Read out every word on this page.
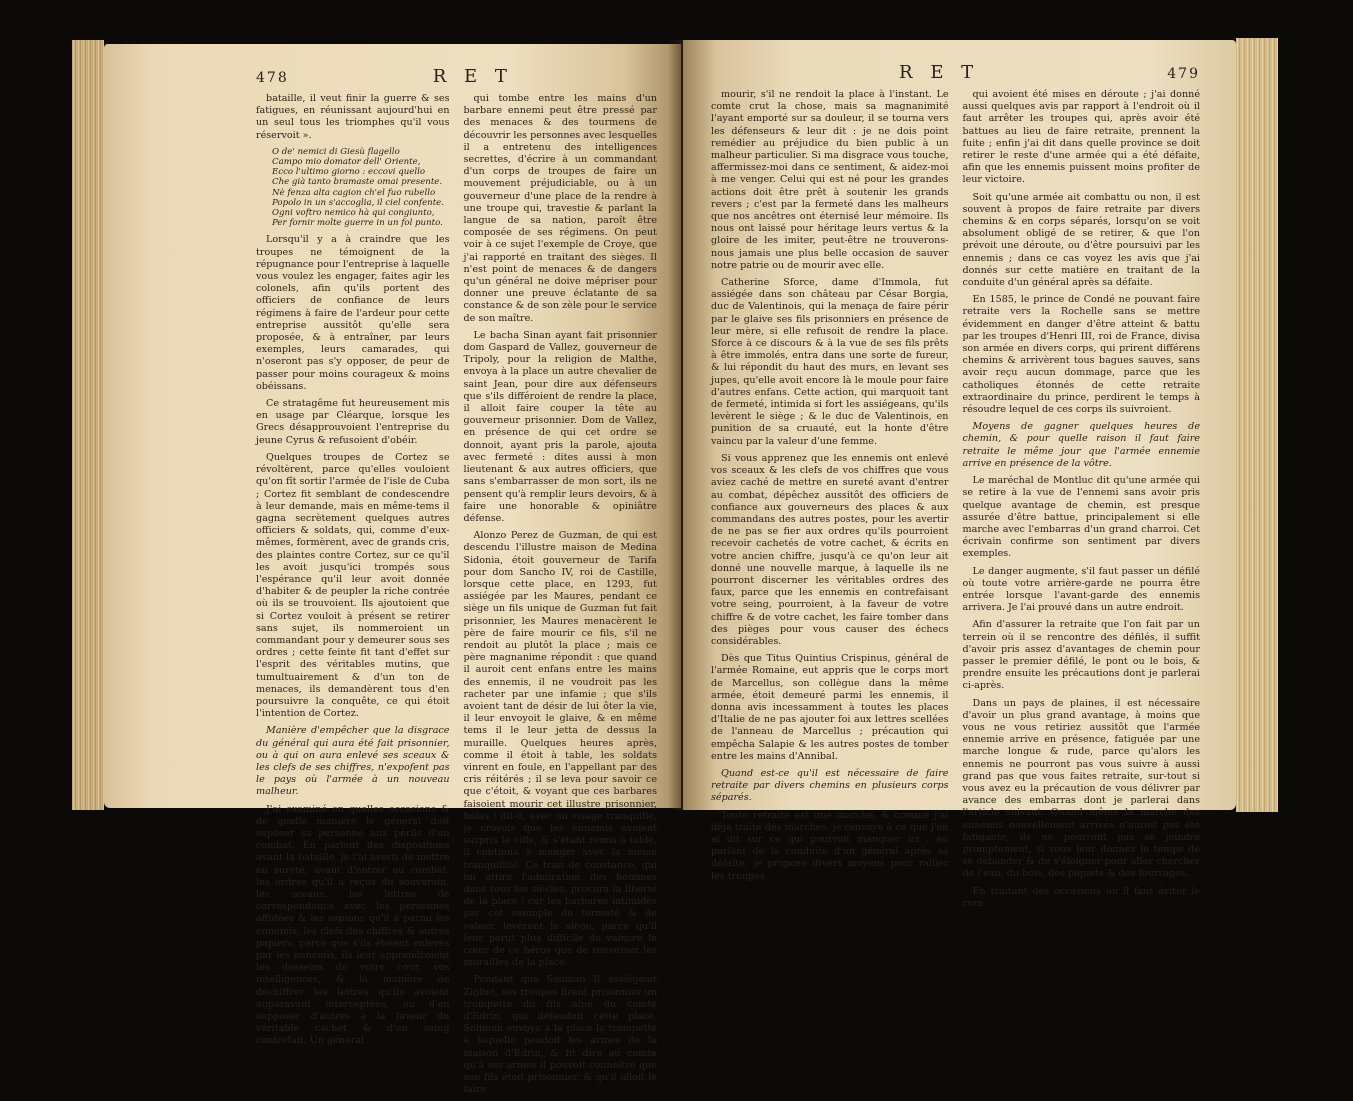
478	R E T

bataille, il veut finir la guerre & ses fatigues, en réunissant aujourd'hui en un seul tous les triomphes qu'il vous réservoit ».

O de' nemici di Giesù flagello
Campo mio domator dell' Oriente,
Ecco l'ultimo giorno : eccovi quello
Che già tanto bramaste omai presente.
Nè fenza alta cagion ch'el fuo rubello
Popolo in un s'accoglia, il ciel confente.
Ogni voftro nemico hà qui congiunto,
Per fornir molte guerre in un fol punto.

Lorsqu'il y a à craindre que les troupes ne témoignent de la répugnance pour l'entreprise à laquelle vous voulez les engager, faites agir les colonels, afin qu'ils portent des officiers de confiance de leurs régimens à faire de l'ardeur pour cette entreprise aussitôt qu'elle sera proposée, & à entraîner, par leurs exemples, leurs camarades, qui n'oseront pas s'y opposer, de peur de passer pour moins courageux & moins obéissans.

Ce stratagême fut heureusement mis en usage par Cléarque, lorsque les Grecs désapprouvoient l'entreprise du jeune Cyrus & refusoient d'obéir.

Quelques troupes de Cortez se révoltèrent, parce qu'elles vouloient qu'on fît sortir l'armée de l'isle de Cuba ; Cortez fit semblant de condescendre à leur demande, mais en même-tems il gagna secrètement quelques autres officiers & soldats, qui, comme d'eux-mêmes, formèrent, avec de grands cris, des plaintes contre Cortez, sur ce qu'il les avoit jusqu'ici trompés sous l'espérance qu'il leur avoit donnée d'habiter & de peupler la riche contrée où ils se trouvoient. Ils ajoutoient que si Cortez vouloit à présent se retirer sans sujet, ils nommeroient un commandant pour y demeurer sous ses ordres ; cette feinte fit tant d'effet sur l'esprit des véritables mutins, que tumultuairement & d'un ton de menaces, ils demandèrent tous d'en poursuivre la conquête, ce qui étoit l'intention de Cortez.

Manière d'empêcher que la disgrace du général qui aura été fait prisonnier, ou à qui on aura enlevé ses sceaux & les clefs de ses chiffres, n'expofent pas le pays où l'armée à un nouveau malheur.

J'ai examiné en quelles occasions & de quelle manière le général doit exposer sa personne aux périls d'un combat. En parlant des dispositions avant la bataille, je l'ai averti de mettre en sureté, avant d'entrer au combat, les ordres qu'il a reçus du souverain, les sceaux, les lettres de correspondance avec les personnes affidées & les espions qu'il a parmi les ennemis, les clefs des chiffres & autres papiers, parce que s'ils étoient enlevés par les ennemis, ils leur apprendroient les desseins de votre cour, vos intelligences, & la manière de déchiffrer les lettres qu'ils avoient auparavant interceptées, ou d'en supposer d'autres à la faveur du véritable cachet & d'un seing contrefait. Un général

qui tombe entre les mains d'un barbare ennemi peut être pressé par des menaces & des tourmens de découvrir les personnes avec lesquelles il a entretenu des intelligences secrettes, d'écrire à un commandant d'un corps de troupes de faire un mouvement préjudiciable, ou à un gouverneur d'une place de la rendre à une troupe qui, travestie & parlant la langue de sa nation, paroît être composée de ses régimens. On peut voir à ce sujet l'exemple de Croye, que j'ai rapporté en traitant des sièges. Il n'est point de menaces & de dangers qu'un général ne doive mépriser pour donner une preuve éclatante de sa constance & de son zèle pour le service de son maître.

Le bacha Sinan ayant fait prisonnier dom Gaspard de Vallez, gouverneur de Tripoly, pour la religion de Malthe, envoya à la place un autre chevalier de saint Jean, pour dire aux défenseurs que s'ils différoient de rendre la place, il alloit faire couper la tête au gouverneur prisonnier. Dom de Vallez, en présence de qui cet ordre se donnoit, ayant pris la parole, ajouta avec fermeté : dites aussi à mon lieutenant & aux autres officiers, que sans s'embarrasser de mon sort, ils ne pensent qu'à remplir leurs devoirs, & à faire une honorable & opiniâtre défense.

Alonzo Perez de Guzman, de qui est descendu l'illustre maison de Medina Sidonia, étoit gouverneur de Tarifa pour dom Sancho IV, roi de Castille, lorsque cette place, en 1293, fut assiégée par les Maures, pendant ce siège un fils unique de Guzman fut fait prisonnier, les Maures menacèrent le père de faire mourir ce fils, s'il ne rendoit au plutôt la place ; mais ce père magnanime répondit : que quand il auroit cent enfans entre les mains des ennemis, il ne voudroit pas les racheter par une infamie ; que s'ils avoient tant de désir de lui ôter la vie, il leur envoyoit le glaive, & en même tems il le leur jetta de dessus la muraille. Quelques heures après, comme il étoit à table, les soldats vinrent en foule, en l'appellant par des cris réitérés ; il se leva pour savoir ce que c'étoit, & voyant que ces barbares faisoient mourir cet illustre prisonnier, hélas ! dit-il, avec un visage tranquille, je croyois que les ennemis avoient surpris la ville, & s'étant remis à table, il continua à manger avec la même tranquillité. Ce trait de constance, qui lui attira l'admiration des hommes dans tous les siècles, procura la liberté de la place ; car les barbares intimidés par cet exemple de fermeté & de valeur, levèrent le siège, parce qu'il leur parut plus difficile de vaincre le cœur de ce héros que de renverser les murailles de la place.

Pendant que Soliman II assiégeoit Zigliet, ses troupes firent prisonnier un trompette du fils aîné du comte d'Edrin, qui défendoit cette place. Soliman envoya à la place la trompette à laquelle pendoit les armes de la maison d'Edrin, & fit dire au comte qu'à ses armes il pouvoit connoître que son fils étoit prisonnier, & qu'il alloit le faire

R E T	479

mourir, s'il ne rendoit la place à l'instant. Le comte crut la chose, mais sa magnanimité l'ayant emporté sur sa douleur, il se tourna vers les défenseurs & leur dit : je ne dois point remédier au préjudice du bien public à un malheur particulier. Si ma disgrace vous touche, affermissez-moi dans ce sentiment, & aidez-moi à me venger. Celui qui est né pour les grandes actions doit être prêt à soutenir les grands revers ; c'est par la fermeté dans les malheurs que nos ancêtres ont éternisé leur mémoire. Ils nous ont laissé pour héritage leurs vertus & la gloire de les imiter, peut-être ne trouverons-nous jamais une plus belle occasion de sauver notre patrie ou de mourir avec elle.

Catherine Sforce, dame d'Immola, fut assiégée dans son château par César Borgia, duc de Valentinois, qui la menaça de faire périr par le glaive ses fils prisonniers en présence de leur mère, si elle refusoit de rendre la place. Sforce à ce discours & à la vue de ses fils prêts à être immolés, entra dans une sorte de fureur, & lui répondit du haut des murs, en levant ses jupes, qu'elle avoit encore là le moule pour faire d'autres enfans. Cette action, qui marquoit tant de fermeté, intimida si fort les assiégeans, qu'ils levèrent le siège ; & le duc de Valentinois, en punition de sa cruauté, eut la honte d'être vaincu par la valeur d'une femme.

Si vous apprenez que les ennemis ont enlevé vos sceaux & les clefs de vos chiffres que vous aviez caché de mettre en sureté avant d'entrer au combat, dépêchez aussitôt des officiers de confiance aux gouverneurs des places & aux commandans des autres postes, pour les avertir de ne pas se fier aux ordres qu'ils pourroient recevoir cachetés de votre cachet, & écrits en votre ancien chiffre, jusqu'à ce qu'on leur ait donné une nouvelle marque, à laquelle ils ne pourront discerner les véritables ordres des faux, parce que les ennemis en contrefaisant votre seing, pourroient, à la faveur de votre chiffre & de votre cachet, les faire tomber dans des pièges pour vous causer des échecs considérables.

Dès que Titus Quintius Crispinus, général de l'armée Romaine, eut appris que le corps mort de Marcellus, son collègue dans la même armée, étoit demeuré parmi les ennemis, il donna avis incessamment à toutes les places d'Italie de ne pas ajouter foi aux lettres scellées de l'anneau de Marcellus ; précaution qui empêcha Salapie & les autres postes de tomber entre les mains d'Annibal.

Quand est-ce qu'il est nécessaire de faire retraite par divers chemins en plusieurs corps séparés.

Toute retraite est une marche, & comme j'ai déja traité des marches, je renvoye à ce que j'en ai dit sur ce qui pourroit manquer ici ; en parlant de la conduite d'un général après sa défaite, je propose divers moyens pour rallier les troupes

qui avoient été mises en déroute ; j'ai donné aussi quelques avis par rapport à l'endroit où il faut arrêter les troupes qui, après avoir été battues au lieu de faire retraite, prennent la fuite ; enfin j'ai dit dans quelle province se doit retirer le reste d'une armée qui a été défaite, afin que les ennemis puissent moins profiter de leur victoire.

Soit qu'une armée ait combattu ou non, il est souvent à propos de faire retraite par divers chemins & en corps séparés, lorsqu'on se voit absolument obligé de se retirer, & que l'on prévoit une déroute, ou d'être poursuivi par les ennemis ; dans ce cas voyez les avis que j'ai donnés sur cette matière en traitant de la conduite d'un général après sa défaite.

En 1585, le prince de Condé ne pouvant faire retraite vers la Rochelle sans se mettre évidemment en danger d'être atteint & battu par les troupes d'Henri III, roi de France, divisa son armée en divers corps, qui prirent différens chemins & arrivèrent tous bagues sauves, sans avoir reçu aucun dommage, parce que les catholiques étonnés de cette retraite extraordinaire du prince, perdirent le temps à résoudre lequel de ces corps ils suivroient.

Moyens de gagner quelques heures de chemin, & pour quelle raison il faut faire retraite le même jour que l'armée ennemie arrive en présence de la vôtre.

Le maréchal de Montluc dit qu'une armée qui se retire à la vue de l'ennemi sans avoir pris quelque avantage de chemin, est presque assurée d'être battue, principalement si elle marche avec l'embarras d'un grand charroi. Cet écrivain confirme son sentiment par divers exemples.

Le danger augmente, s'il faut passer un défilé où toute votre arrière-garde ne pourra être entrée lorsque l'avant-garde des ennemis arrivera. Je l'ai prouvé dans un autre endroit.

Afin d'assurer la retraite que l'on fait par un terrein où il se rencontre des défilés, il suffit d'avoir pris assez d'avantages de chemin pour passer le premier défilé, le pont ou le bois, & prendre ensuite les précautions dont je parlerai ci-après.

Dans un pays de plaines, il est nécessaire d'avoir un plus grand avantage, à moins que vous ne vous retiriez aussitôt que l'armée ennemie arrive en présence, fatiguée par une marche longue & rude, parce qu'alors les ennemis ne pourront pas vous suivre à aussi grand pas que vous faites retraite, sur-tout si vous avez eu la précaution de vous délivrer par avance des embarras dont je parlerai dans l'article suivant. Quand même la marche des ennemis nouvellement arrivés n'auroit pas été fatigante, ils ne pourront pas se joindre promptement, si vous leur donnez le temps de se débander & de s'éloigner pour aller chercher de l'eau, du bois, des piquets & des fourrages.

En traitant des occasions où il faut éviter le com-
